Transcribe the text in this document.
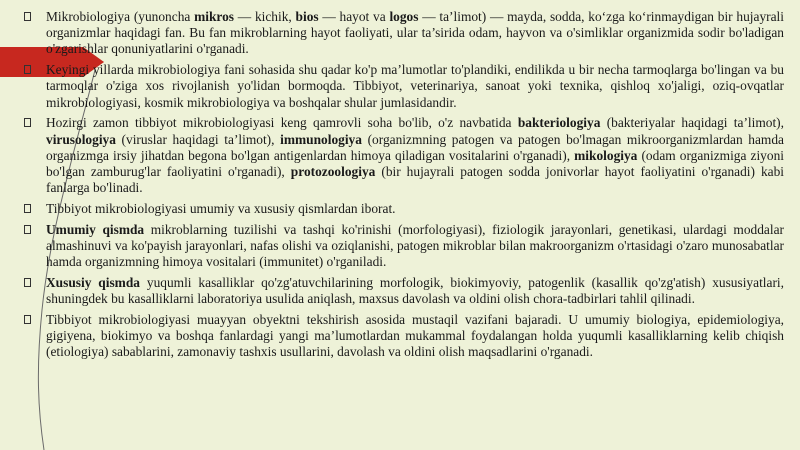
Mikrobiologiya (yunoncha mikros — kichik, bios — hayot va logos — ta’limot) — mayda, sodda, ko‘zga ko‘rinmaydigan bir hujayrali organizmlar haqidagi fan. Bu fan mikroblarning hayot faoliyati, ular ta’sirida odam, hayvon va o'simliklar organizmida sodir bo'ladigan o'zgarishlar qonuniyatlarini o'rganadi.

Keyingi yillarda mikrobiologiya fani sohasida shu qadar ko'p ma’lumotlar to'plandiki, endilikda u bir necha tarmoqlarga bo'lingan va bu tarmoqlar o'ziga xos rivojlanish yo'lidan bormoqda. Tibbiyot, veterinariya, sanoat yoki texnika, qishloq xo'jaligi, oziq-ovqatlar mikrobiologiyasi, kosmik mikrobiologiya va boshqalar shular jumlasidandir.

Hozirgi zamon tibbiyot mikrobiologiyasi keng qamrovli soha bo'lib, o'z navbatida bakteriologiya (bakteriyalar haqidagi ta’limot), virusologiya (viruslar haqidagi ta’limot), immunologiya (organizmning patogen va patogen bo'lmagan mikroorganizmlardan hamda organizmga irsiy jihatdan begona bo'lgan antigenlardan himoya qiladigan vositalarini o'rganadi), mikologiya (odam organizmiga ziyoni bo'lgan zamburug'lar faoliyatini o'rganadi), protozoologiya (bir hujayrali patogen sodda jonivorlar hayot faoliyatini o'rganadi) kabi fanlarga bo'linadi.

Tibbiyot mikrobiologiyasi umumiy va xususiy qismlardan iborat.

Umumiy qismda mikroblarning tuzilishi va tashqi ko'rinishi (morfologiyasi), fiziologik jarayonlari, genetikasi, ulardagi moddalar almashinuvi va ko'payish jarayonlari, nafas olishi va oziqlanishi, patogen mikroblar bilan makroorganizm o'rtasidagi o'zaro munosabatlar hamda organizmning himoya vositalari (immunitet) o'rganiladi.

Xususiy qismda yuqumli kasalliklar qo'zg'atuvchilarining morfologik, biokimyoviy, patogenlik (kasallik qo'zg'atish) xususiyatlari, shuningdek bu kasalliklarni laboratoriya usulida aniqlash, maxsus davolash va oldini olish chora-tadbirlari tahlil qilinadi.

Tibbiyot mikrobiologiyasi muayyan obyektni tekshirish asosida mustaqil vazifani bajaradi. U umumiy biologiya, epidemiologiya, gigiyena, biokimyo va boshqa fanlardagi yangi ma’lumotlardan mukammal foydalangan holda yuqumli kasalliklarning kelib chiqish (etiologiya) sabablarini, zamonaviy tashxis usullarini, davolash va oldini olish maqsadlarini o'rganadi.
